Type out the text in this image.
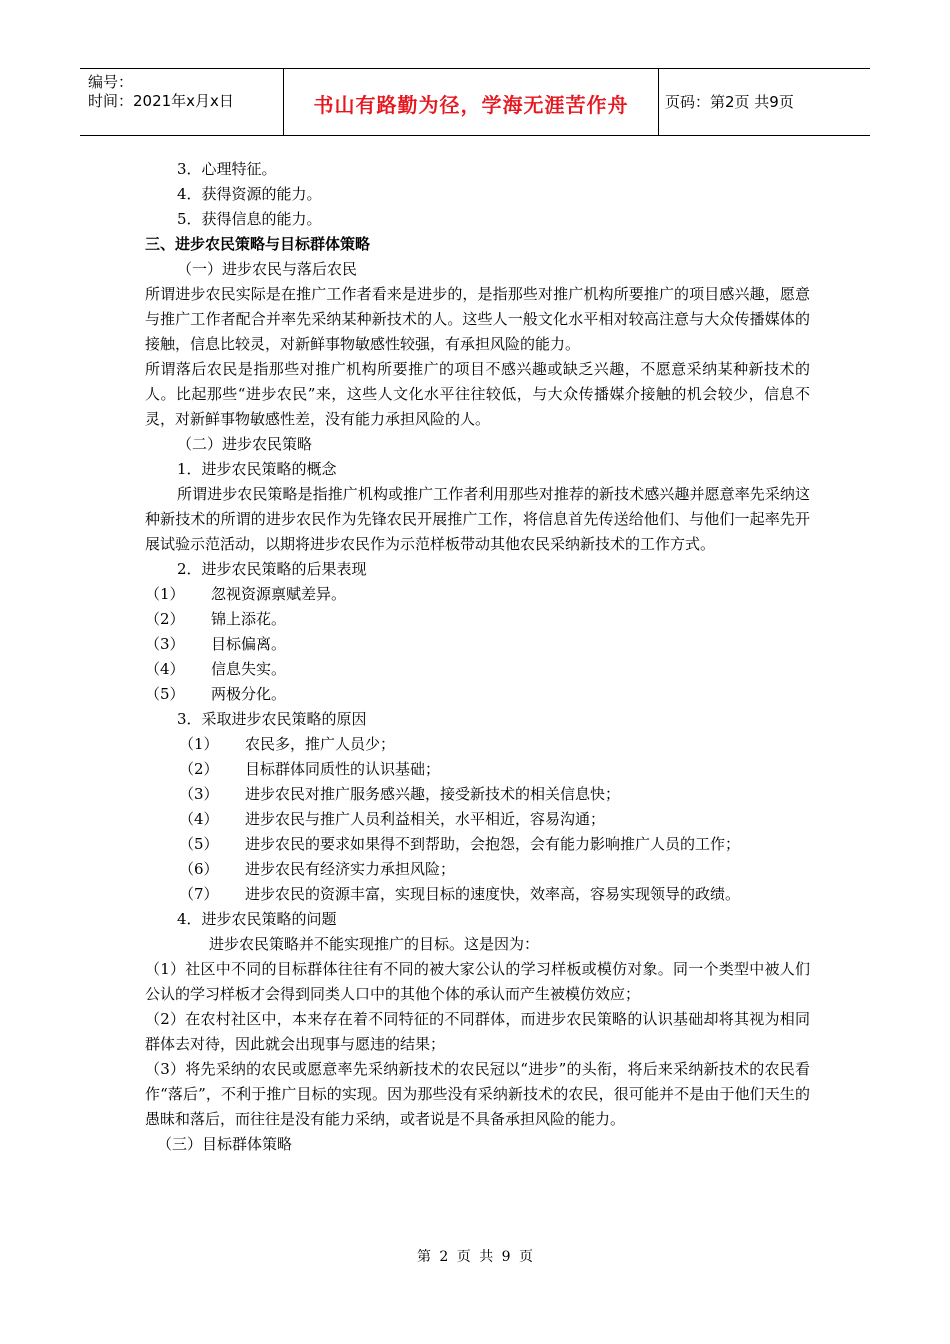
编号：
时间：2021年x月x日	书山有路勤为径，学海无涯苦作舟	页码：第2页 共9页
3．心理特征。
4．获得资源的能力。
5．获得信息的能力。
三、进步农民策略与目标群体策略
（一）进步农民与落后农民
所谓进步农民实际是在推广工作者看来是进步的，是指那些对推广机构所要推广的项目感兴趣，愿意与推广工作者配合并率先采纳某种新技术的人。这些人一般文化水平相对较高注意与大众传播媒体的接触，信息比较灵，对新鲜事物敏感性较强，有承担风险的能力。
所谓落后农民是指那些对推广机构所要推广的项目不感兴趣或缺乏兴趣，不愿意采纳某种新技术的人。比起那些“进步农民”来，这些人文化水平往往较低，与大众传播媒介接触的机会较少，信息不灵，对新鲜事物敏感性差，没有能力承担风险的人。
（二）进步农民策略
1．进步农民策略的概念
所谓进步农民策略是指推广机构或推广工作者利用那些对推荐的新技术感兴趣并愿意率先采纳这种新技术的所谓的进步农民作为先锋农民开展推广工作，将信息首先传送给他们、与他们一起率先开展试验示范活动，以期将进步农民作为示范样板带动其他农民采纳新技术的工作方式。
2．进步农民策略的后果表现
（1） 忽视资源禀赋差异。
（2） 锦上添花。
（3） 目标偏离。
（4） 信息失实。
（5） 两极分化。
3．采取进步农民策略的原因
（1） 农民多，推广人员少；
（2） 目标群体同质性的认识基础；
（3） 进步农民对推广服务感兴趣，接受新技术的相关信息快；
（4） 进步农民与推广人员利益相关，水平相近，容易沟通；
（5） 进步农民的要求如果得不到帮助，会抱怨，会有能力影响推广人员的工作；
（6） 进步农民有经济实力承担风险；
（7） 进步农民的资源丰富，实现目标的速度快，效率高，容易实现领导的政绩。
4．进步农民策略的问题
进步农民策略并不能实现推广的目标。这是因为：
（1）社区中不同的目标群体往往有不同的被大家公认的学习样板或模仿对象。同一个类型中被人们公认的学习样板才会得到同类人口中的其他个体的承认而产生被模仿效应；
（2）在农村社区中，本来存在着不同特征的不同群体，而进步农民策略的认识基础却将其视为相同群体去对待，因此就会出现事与愿违的结果；
（3）将先采纳的农民或愿意率先采纳新技术的农民冠以“进步”的头衔，将后来采纳新技术的农民看作“落后”，不利于推广目标的实现。因为那些没有采纳新技术的农民，很可能并不是由于他们天生的愚昧和落后，而往往是没有能力采纳，或者说是不具备承担风险的能力。
（三）目标群体策略
第 2 页 共 9 页
